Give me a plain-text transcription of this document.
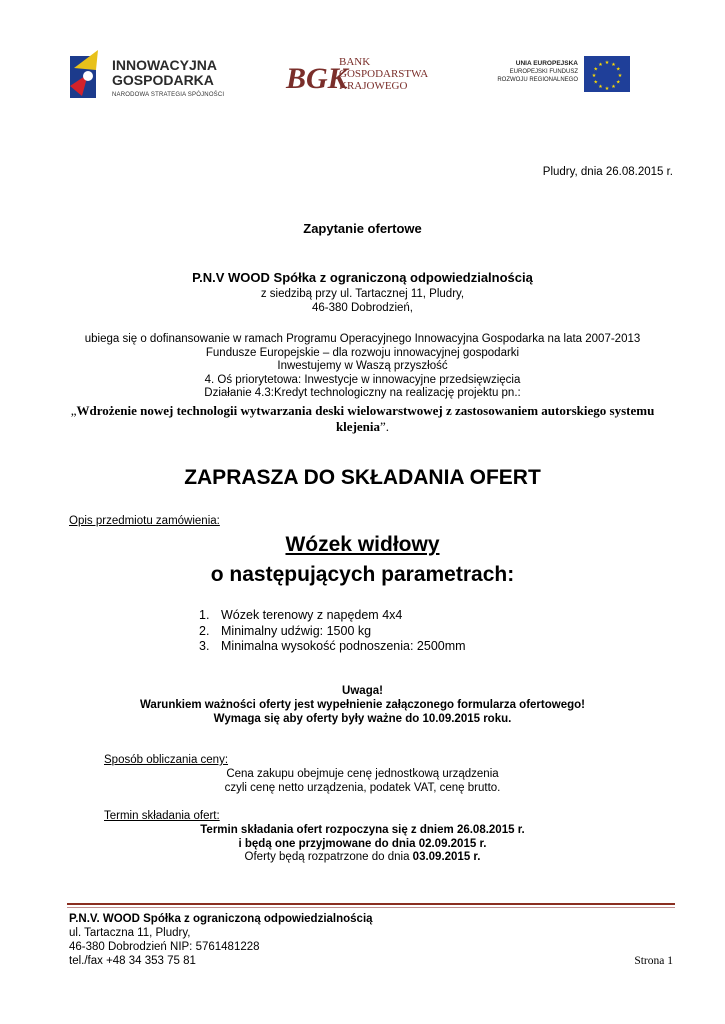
INNOWACYJNA
GOSPODARKA
NARODOWA STRATEGIA SPÓJNOŚCI BGK
BANK
GOSPODARSTWA
KRAJOWEGO
UNIA EUROPEJSKA
EUROPEJSKI FUNDUSZ
ROZWOJU REGIONALNEGO
★ ★
★
★
★
★
★
★
★
★
★
★
Pludry, dnia 26.08.2015 r.
Zapytanie ofertowe
P.N.V WOOD Spółka z ograniczoną odpowiedzialnością
z siedzibą przy ul. Tartacznej 11, Pludry,
46-380 Dobrodzień,
ubiega się o dofinansowanie w ramach Programu Operacyjnego Innowacyjna Gospodarka na lata 2007-2013
Fundusze Europejskie – dla rozwoju innowacyjnej gospodarki
Inwestujemy w Waszą przyszłość
4. Oś priorytetowa: Inwestycje w innowacyjne przedsięwzięcia
Działanie 4.3:Kredyt technologiczny na realizację projektu pn.:
„Wdrożenie nowej technologii wytwarzania deski wielowarstwowej z zastosowaniem autorskiego systemu klejenia”.
ZAPRASZA DO SKŁADANIA OFERT
Opis przedmiotu zamówienia:
Wózek widłowy
o następujących parametrach:
1. Wózek terenowy z napędem 4x4
2. Minimalny udźwig: 1500 kg
3. Minimalna wysokość podnoszenia: 2500mm
Uwaga!
Warunkiem ważności oferty jest wypełnienie załączonego formularza ofertowego!
Wymaga się aby oferty były ważne do 10.09.2015 roku.
Sposób obliczania ceny:
Cena zakupu obejmuje cenę jednostkową urządzenia
czyli cenę netto urządzenia, podatek VAT, cenę brutto.
Termin składania ofert:
Termin składania ofert rozpoczyna się z dniem 26.08.2015 r.
i będą one przyjmowane do dnia 02.09.2015 r.
Oferty będą rozpatrzone do dnia 03.09.2015 r.
P.N.V. WOOD Spółka z ograniczoną odpowiedzialnością
ul. Tartaczna 11, Pludry,
46-380 Dobrodzień NIP: 5761481228
tel./fax +48 34 353 75 81	Strona 1
